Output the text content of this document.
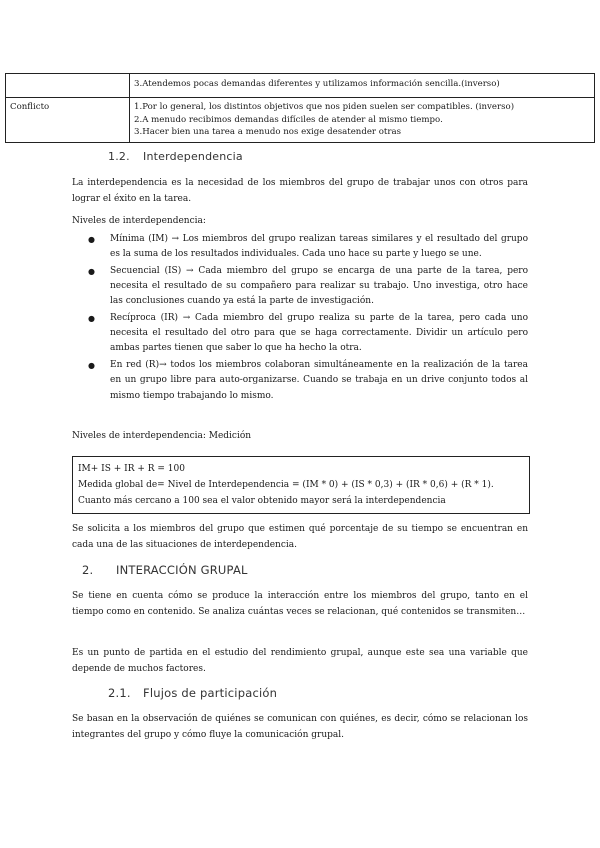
	3.Atendemos pocas demandas diferentes y utilizamos información sencilla.(inverso)
Conflicto	1.Por lo general, los distintos objetivos que nos piden suelen ser compatibles. (inverso)
2.A menudo recibimos demandas difíciles de atender al mismo tiempo.
3.Hacer bien una tarea a menudo nos exige desatender otras
1.2. Interdependencia
La interdependencia es la necesidad de los miembros del grupo de trabajar unos con otros para lograr el éxito en la tarea.
Niveles de interdependencia:
● Mínima (IM) → Los miembros del grupo realizan tareas similares y el resultado del grupo es la suma de los resultados individuales. Cada uno hace su parte y luego se une.
● Secuencial (IS) → Cada miembro del grupo se encarga de una parte de la tarea, pero necesita el resultado de su compañero para realizar su trabajo. Uno investiga, otro hace las conclusiones cuando ya está la parte de investigación.
● Recíproca (IR) → Cada miembro del grupo realiza su parte de la tarea, pero cada uno necesita el resultado del otro para que se haga correctamente. Dividir un artículo pero ambas partes tienen que saber lo que ha hecho la otra.
● En red (R)→ todos los miembros colaboran simultáneamente en la realización de la tarea en un grupo libre para auto-organizarse. Cuando se trabaja en un drive conjunto todos al mismo tiempo trabajando lo mismo.
Niveles de interdependencia: Medición
IM+ IS + IR + R = 100
Medida global de= Nivel de Interdependencia = (IM * 0) + (IS * 0,3) + (IR * 0,6) + (R * 1).
Cuanto más cercano a 100 sea el valor obtenido mayor será la interdependencia
Se solicita a los miembros del grupo que estimen qué porcentaje de su tiempo se encuentran en cada una de las situaciones de interdependencia.
2. INTERACCIÓN GRUPAL
Se tiene en cuenta cómo se produce la interacción entre los miembros del grupo, tanto en el tiempo como en contenido. Se analiza cuántas veces se relacionan, qué contenidos se transmiten…
Es un punto de partida en el estudio del rendimiento grupal, aunque este sea una variable que depende de muchos factores.
2.1. Flujos de participación
Se basan en la observación de quiénes se comunican con quiénes, es decir, cómo se relacionan los integrantes del grupo y cómo fluye la comunicación grupal.
